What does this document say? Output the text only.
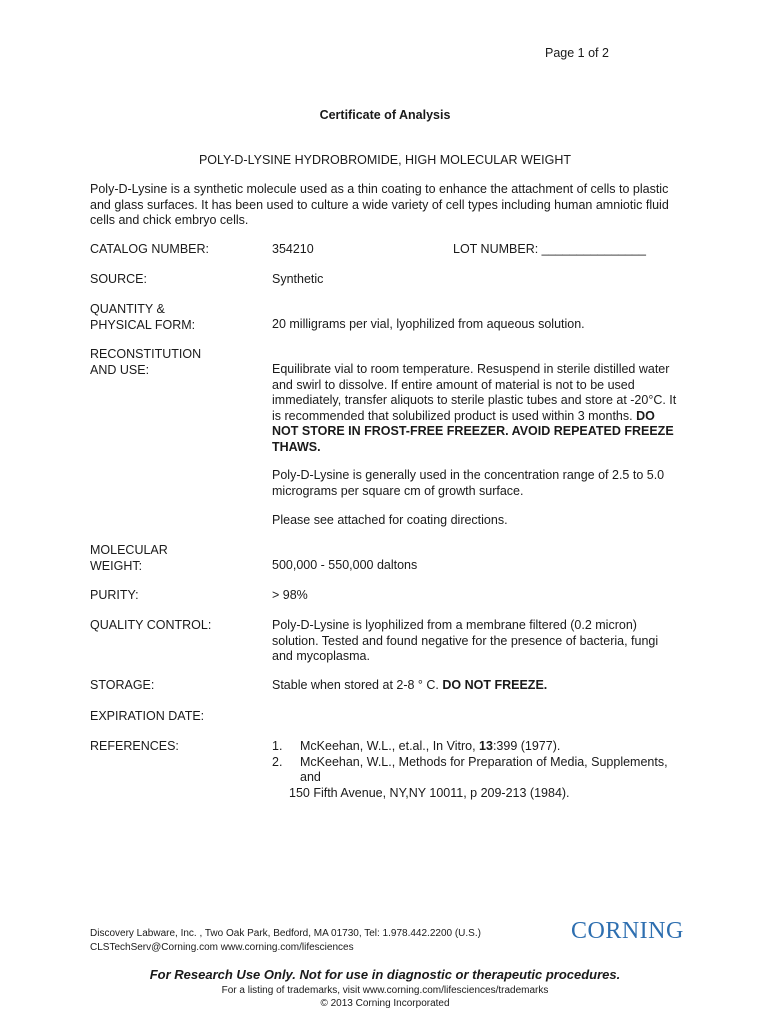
Page 1 of 2
Certificate of Analysis
POLY-D-LYSINE HYDROBROMIDE, HIGH MOLECULAR WEIGHT
Poly-D-Lysine is a synthetic molecule used as a thin coating to enhance the attachment of cells to plastic and glass surfaces. It has been used to culture a wide variety of cell types including human amniotic fluid cells and chick embryo cells.
CATALOG NUMBER:	354210	LOT NUMBER: _______________
SOURCE:	Synthetic
QUANTITY &
PHYSICAL FORM:	20 milligrams per vial, lyophilized from aqueous solution.
RECONSTITUTION
AND USE:	Equilibrate vial to room temperature. Resuspend in sterile distilled water and swirl to dissolve. If entire amount of material is not to be used immediately, transfer aliquots to sterile plastic tubes and store at -20°C. It is recommended that solubilized product is used within 3 months. DO NOT STORE IN FROST-FREE FREEZER. AVOID REPEATED FREEZE THAWS.
Poly-D-Lysine is generally used in the concentration range of 2.5 to 5.0 micrograms per square cm of growth surface.
Please see attached for coating directions.
MOLECULAR
WEIGHT:	500,000 - 550,000 daltons
PURITY:	> 98%
QUALITY CONTROL:	Poly-D-Lysine is lyophilized from a membrane filtered (0.2 micron) solution. Tested and found negative for the presence of bacteria, fungi and mycoplasma.
STORAGE:	Stable when stored at 2-8 ° C. DO NOT FREEZE.
EXPIRATION DATE:
REFERENCES:	1. McKeehan, W.L., et.al., In Vitro, 13:399 (1977).
2. McKeehan, W.L., Methods for Preparation of Media, Supplements,
and
150 Fifth Avenue, NY,NY 10011, p 209-213 (1984).
Discovery Labware, Inc. , Two Oak Park, Bedford, MA 01730, Tel: 1.978.442.2200 (U.S.)
CLSTechServ@Corning.com www.corning.com/lifesciences
CORNING
For Research Use Only. Not for use in diagnostic or therapeutic procedures.
For a listing of trademarks, visit www.corning.com/lifesciences/trademarks
© 2013 Corning Incorporated
